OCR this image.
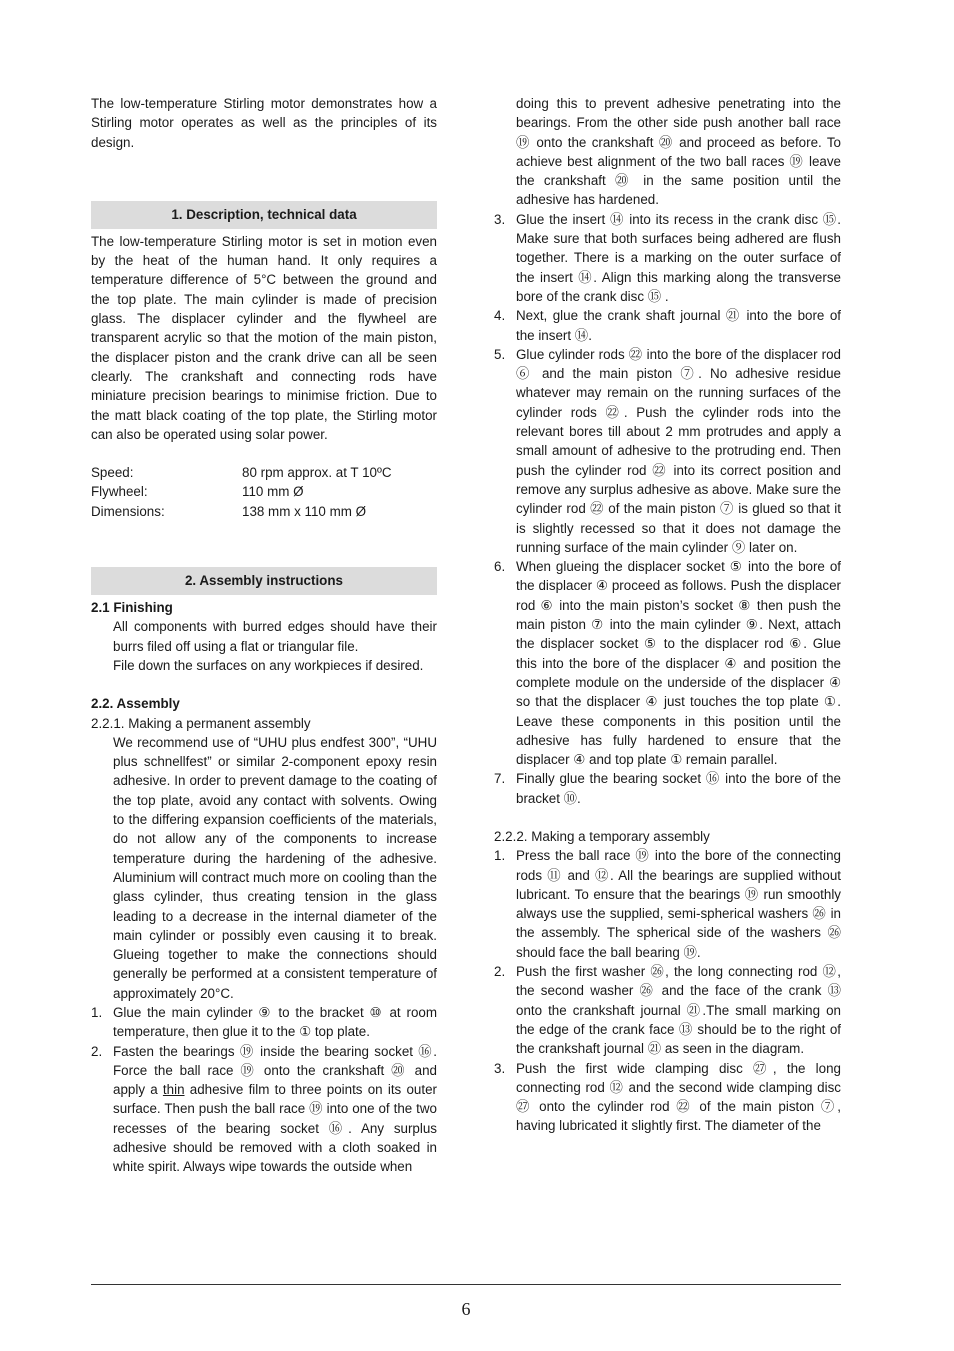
The low-temperature Stirling motor demonstrates how a Stirling motor operates as well as the principles of its design.

1. Description, technical data

The low-temperature Stirling motor is set in motion even by the heat of the human hand. It only requires a temperature difference of 5°C between the ground and the top plate. The main cylinder is made of precision glass. The displacer cylinder and the flywheel are transparent acrylic so that the motion of the main piston, the displacer piston and the crank drive can all be seen clearly. The crankshaft and connecting rods have miniature precision bearings to minimise friction. Due to the matt black coating of the top plate, the Stirling motor can also be operated using solar power.

Speed:	80 rpm approx. at T 10ºC
Flywheel:	110 mm Ø
Dimensions:	138 mm x 110 mm Ø
2. Assembly instructions
2.1 Finishing

All components with burred edges should have their burrs filed off using a flat or triangular file.

File down the surfaces on any workpieces if desired.

2.2. Assembly
2.2.1. Making a permanent assembly

We recommend use of “UHU plus endfest 300”, “UHU plus schnellfest” or similar 2-component epoxy resin adhesive. In order to prevent damage to the coating of the top plate, avoid any contact with solvents. Owing to the differing expansion coefficients of the materials, do not allow any of the components to increase temperature during the hardening of the adhesive. Aluminium will contract much more on cooling than the glass cylinder, thus creating tension in the glass leading to a decrease in the internal diameter of the main cylinder or possibly even causing it to break. Glueing together to make the connections should generally be performed at a consistent temperature of approximately 20°C.

1. Glue the main cylinder ⑨ to the bracket ⑩ at room temperature, then glue it to the ① top plate.
2. Fasten the bearings ⑲ inside the bearing socket ⑯. Force the ball race ⑲ onto the crankshaft ⑳ and apply a thin adhesive film to three points on its outer surface. Then push the ball race ⑲ into one of the two recesses of the bearing socket ⑯. Any surplus adhesive should be removed with a cloth soaked in white spirit. Always wipe towards the outside when

doing this to prevent adhesive penetrating into the bearings. From the other side push another ball race ⑲ onto the crankshaft ⑳ and proceed as before. To achieve best alignment of the two ball races ⑲ leave the crankshaft ⑳ in the same position until the adhesive has hardened.

3. Glue the insert ⑭ into its recess in the crank disc ⑮. Make sure that both surfaces being adhered are flush together. There is a marking on the outer surface of the insert ⑭. Align this marking along the transverse bore of the crank disc ⑮ .
4. Next, glue the crank shaft journal ㉑ into the bore of the insert ⑭.
5. Glue cylinder rods ㉒ into the bore of the displacer rod ⑥ and the main piston ⑦. No adhesive residue whatever may remain on the running surfaces of the cylinder rods ㉒. Push the cylinder rods into the relevant bores till about 2 mm protrudes and apply a small amount of adhesive to the protruding end. Then push the cylinder rod ㉒ into its correct position and remove any surplus adhesive as above. Make sure the cylinder rod ㉒ of the main piston ⑦ is glued so that it is slightly recessed so that it does not damage the running surface of the main cylinder ⑨ later on.
6. When glueing the displacer socket ⑤ into the bore of the displacer ④ proceed as follows. Push the displacer rod ⑥ into the main piston’s socket ⑧ then push the main piston ⑦ into the main cylinder ⑨. Next, attach the displacer socket ⑤ to the displacer rod ⑥. Glue this into the bore of the displacer ④ and position the complete module on the underside of the displacer ④ so that the displacer ④ just touches the top plate ①. Leave these components in this position until the adhesive has fully hardened to ensure that the displacer ④ and top plate ① remain parallel.
7. Finally glue the bearing socket ⑯ into the bore of the bracket ⑩.
2.2.2. Making a temporary assembly
1. Press the ball race ⑲ into the bore of the connecting rods ⑪ and ⑫. All the bearings are supplied without lubricant. To ensure that the bearings ⑲ run smoothly always use the supplied, semi-spherical washers ㉖ in the assembly. The spherical side of the washers ㉖ should face the ball bearing ⑲.
2. Push the first washer ㉖, the long connecting rod ⑫, the second washer ㉖ and the face of the crank ⑬ onto the crankshaft journal ㉑.The small marking on the edge of the crank face ⑬ should be to the right of the crankshaft journal ㉑ as seen in the diagram.
3. Push the first wide clamping disc ㉗, the long connecting rod ⑫ and the second wide clamping disc ㉗ onto the cylinder rod ㉒ of the main piston ⑦, having lubricated it slightly first. The diameter of the
6
